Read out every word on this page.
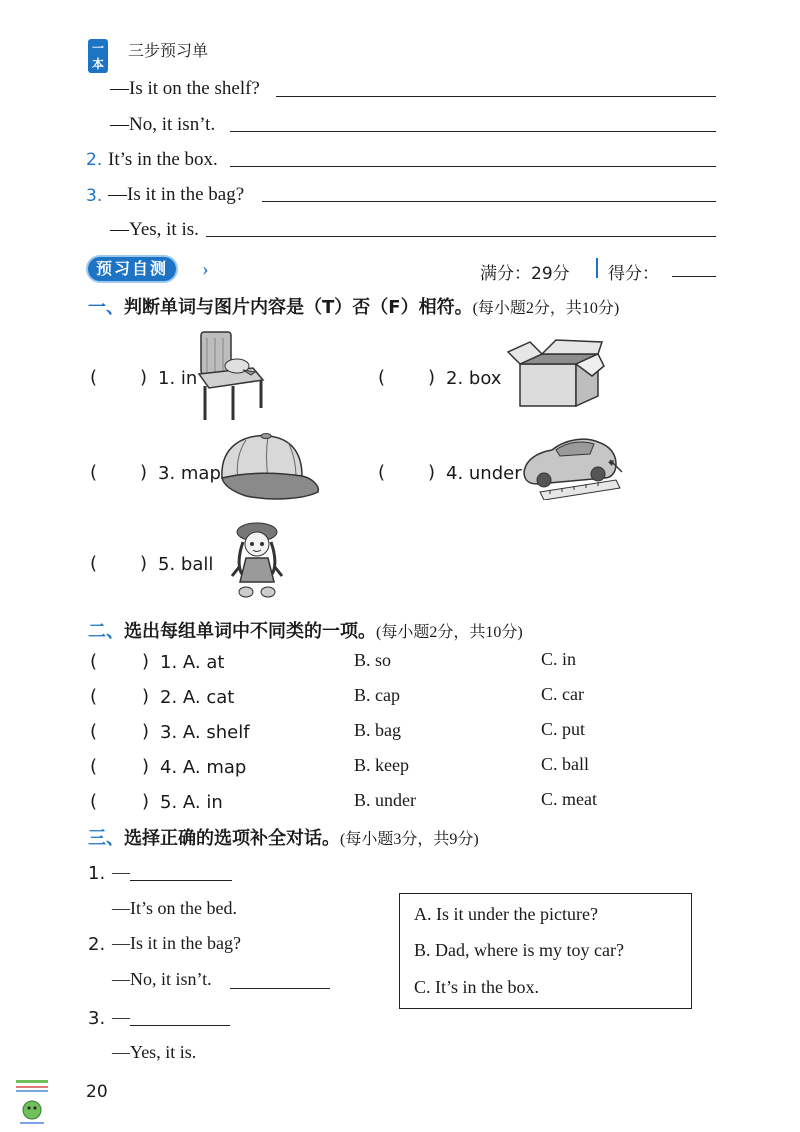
一本
三步预习单
—Is it on the shelf?
—No, it isn’t.
2. It’s in the box.
3. —Is it in the bag?
—Yes, it is.
预习自测	›	满分：29分 得分：
一、判断单词与图片内容是（T）否（F）相符。(每小题2分，共10分)
( ) 1. in	( ) 2. box
( ) 3. map	( ) 4. under
( ) 5. ball
二、选出每组单词中不同类的一项。(每小题2分，共10分)
( ) 1. A. at	B. so	C. in
( ) 2. A. cat	B. cap	C. car
( ) 3. A. shelf	B. bag	C. put
( ) 4. A. map	B. keep	C. ball
( ) 5. A. in	B. under	C. meat
三、选择正确的选项补全对话。(每小题3分，共9分)
1. —
—It’s on the bed.
2. —Is it in the bag?
—No, it isn’t.
3. —
—Yes, it is.
A. Is it under the picture?
B. Dad, where is my toy car?
C. It’s in the box.
20
